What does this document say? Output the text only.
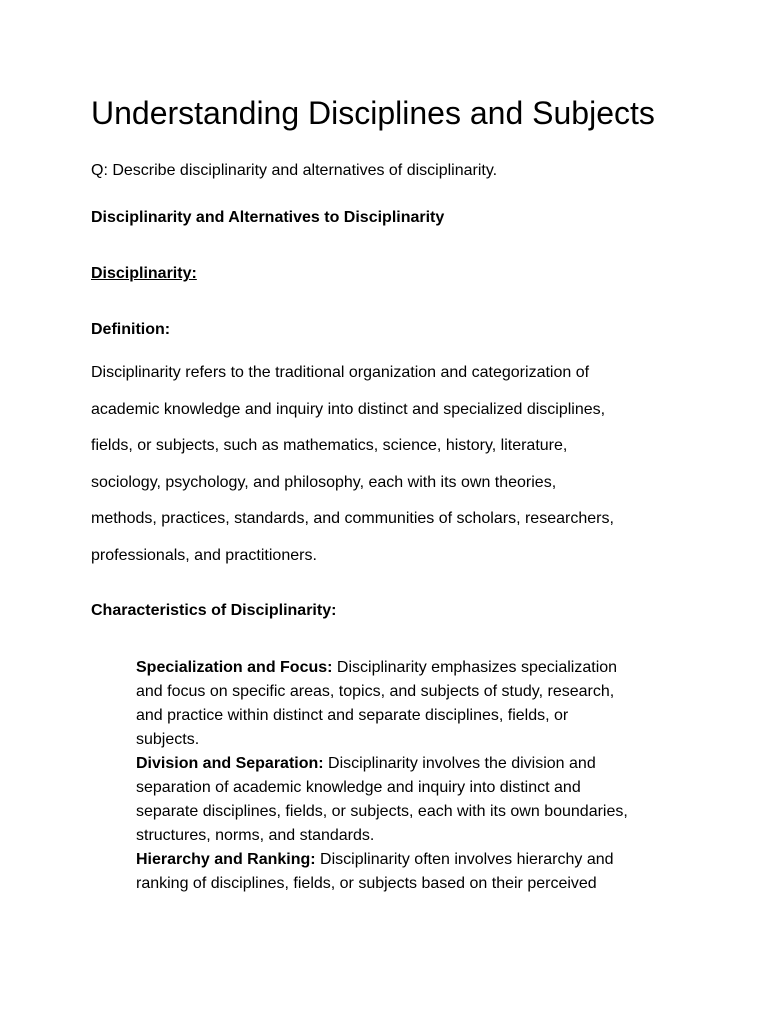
Understanding Disciplines and Subjects
Q: Describe disciplinarity and alternatives of disciplinarity.
Disciplinarity and Alternatives to Disciplinarity
Disciplinarity:
Definition:

Disciplinarity refers to the traditional organization and categorization of
academic knowledge and inquiry into distinct and specialized disciplines,
fields, or subjects, such as mathematics, science, history, literature,
sociology, psychology, and philosophy, each with its own theories,
methods, practices, standards, and communities of scholars, researchers,
professionals, and practitioners.

Characteristics of Disciplinarity:
Specialization and Focus: Disciplinarity emphasizes specialization
and focus on specific areas, topics, and subjects of study, research,
and practice within distinct and separate disciplines, fields, or
subjects.
Division and Separation: Disciplinarity involves the division and
separation of academic knowledge and inquiry into distinct and
separate disciplines, fields, or subjects, each with its own boundaries,
structures, norms, and standards.
Hierarchy and Ranking: Disciplinarity often involves hierarchy and
ranking of disciplines, fields, or subjects based on their perceived
